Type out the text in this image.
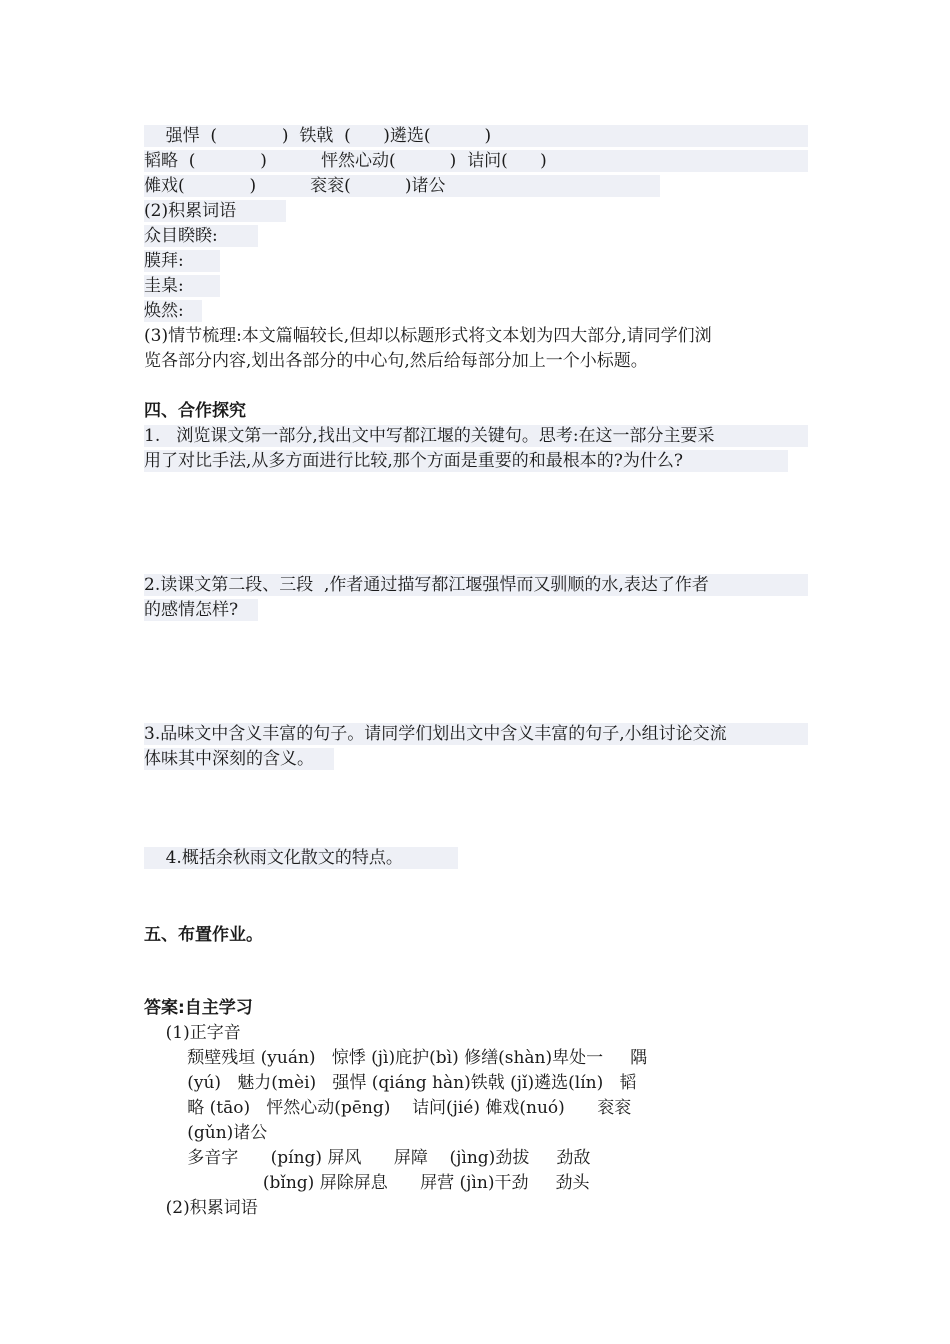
强悍  (            )  铁戟  (      )遴选(          )
韬略  (            )          怦然心动(          )  诘问(      )
傩戏(            )          衮衮(          )诸公
(2)积累词语
众目睽睽:
膜拜:
圭臬:
焕然:
(3)情节梳理:本文篇幅较长,但却以标题形式将文本划为四大部分,请同学们浏
览各部分内容,划出各部分的中心句,然后给每部分加上一个小标题。
四、合作探究
1.   浏览课文第一部分,找出文中写都江堰的关键句。思考:在这一部分主要采
用了对比手法,从多方面进行比较,那个方面是重要的和最根本的?为什么?
2.读课文第二段、三段  ,作者通过描写都江堰强悍而又驯顺的水,表达了作者
的感情怎样?
3.品味文中含义丰富的句子。请同学们划出文中含义丰富的句子,小组讨论交流
体味其中深刻的含义。
4.概括余秋雨文化散文的特点。
五、布置作业。
答案:自主学习
(1)正字音
颓壁残垣 (yuán)   惊悸 (jì)庇护(bì) 修缮(shàn)卑处一     隅
(yú)   魅力(mèi)   强悍 (qiáng hàn)铁戟 (jǐ)遴选(lín)   韬
略 (tāo)   怦然心动(pēng)    诘问(jié) 傩戏(nuó)      衮衮
(gǔn)诸公
多音字      (píng) 屏风      屏障    (jìng)劲拔     劲敌
(bǐng) 屏除屏息      屏营 (jìn)干劲     劲头
(2)积累词语
